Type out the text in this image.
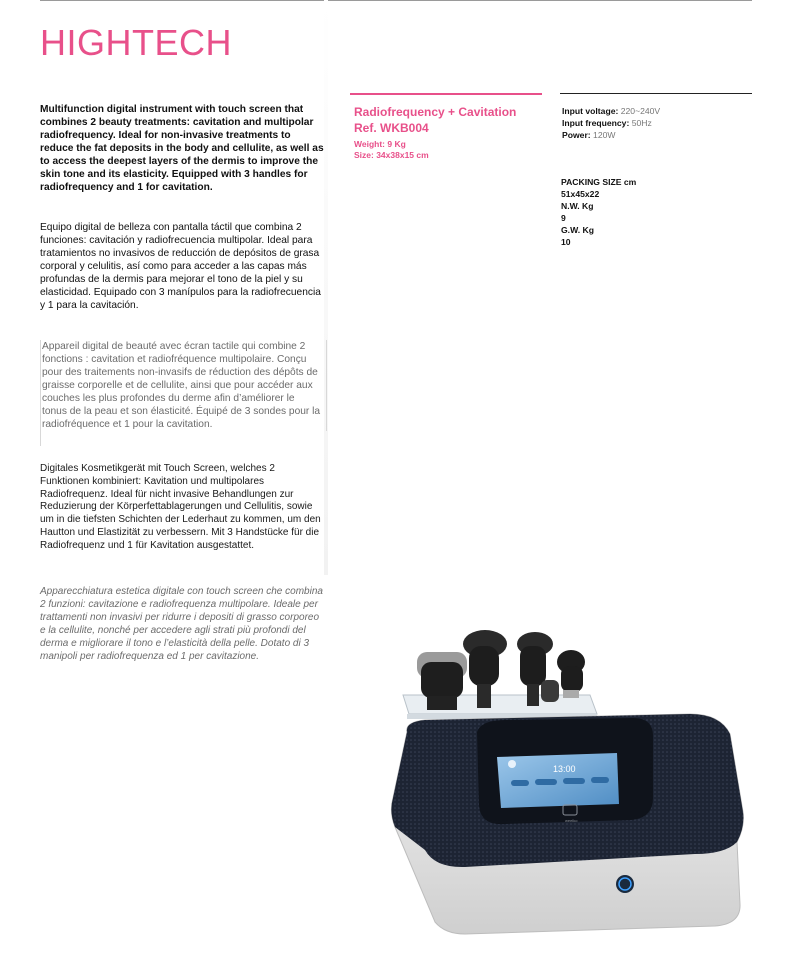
HIGHTECH
Multifunction digital instrument with touch screen that combines 2 beauty treatments: cavitation and multipolar radiofrequency. Ideal for non-invasive treatments to reduce the fat deposits in the body and cellulite, as well as to access the deepest layers of the dermis to improve the skin tone and its elasticity. Equipped with 3 handles for radiofrequency and 1 for cavitation.
Equipo digital de belleza con pantalla táctil que combina 2 funciones: cavitación y radiofrecuencia multipolar. Ideal para tratamientos no invasivos de reducción de depósitos de grasa corporal y celulitis, así como para acceder a las capas más profundas de la dermis para mejorar el tono de la piel y su elasticidad. Equipado con 3 manípulos para la radiofrecuencia y 1 para la cavitación.
Appareil digital de beauté avec écran tactile qui combine 2 fonctions : cavitation et radiofréquence multipolaire. Conçu pour des traitements non-invasifs de réduction des dépôts de graisse corporelle et de cellulite, ainsi que pour accéder aux couches les plus profondes du derme afin d’améliorer le tonus de la peau et son élasticité. Équipé de 3 sondes pour la radiofréquence et 1 pour la cavitation.
Digitales Kosmetikgerät mit Touch Screen, welches 2 Funktionen kombiniert: Kavitation und multipolares Radiofrequenz. Ideal für nicht invasive Behandlungen zur Reduzierung der Körperfettablagerungen und Cellulitis, sowie um in die tiefsten Schichten der Lederhaut zu kommen, um den Hautton und Elastizität zu verbessern. Mit 3 Handstücke für die Radiofrequenz und 1 für Kavitation ausgestattet.
Apparecchiatura estetica digitale con touch screen che combina 2 funzioni: cavitazione e radiofrequenza multipolare. Ideale per trattamenti non invasivi per ridurre i depositi di grasso corporeo e la cellulite, nonché per accedere agli strati più profondi del derma e migliorare il tono e l’elasticità della pelle. Dotato di 3 manipoli per radiofrequenza ed 1 per cavitazione.
Radiofrequency + Cavitation
Ref. WKB004
Weight: 9 Kg
Size: 34x38x15 cm
Input voltage: 220~240V
Input frequency: 50Hz
Power: 120W
PACKING SIZE cm
51x45x22
N.W. Kg
9
G.W. Kg
10
13:00
weelko
